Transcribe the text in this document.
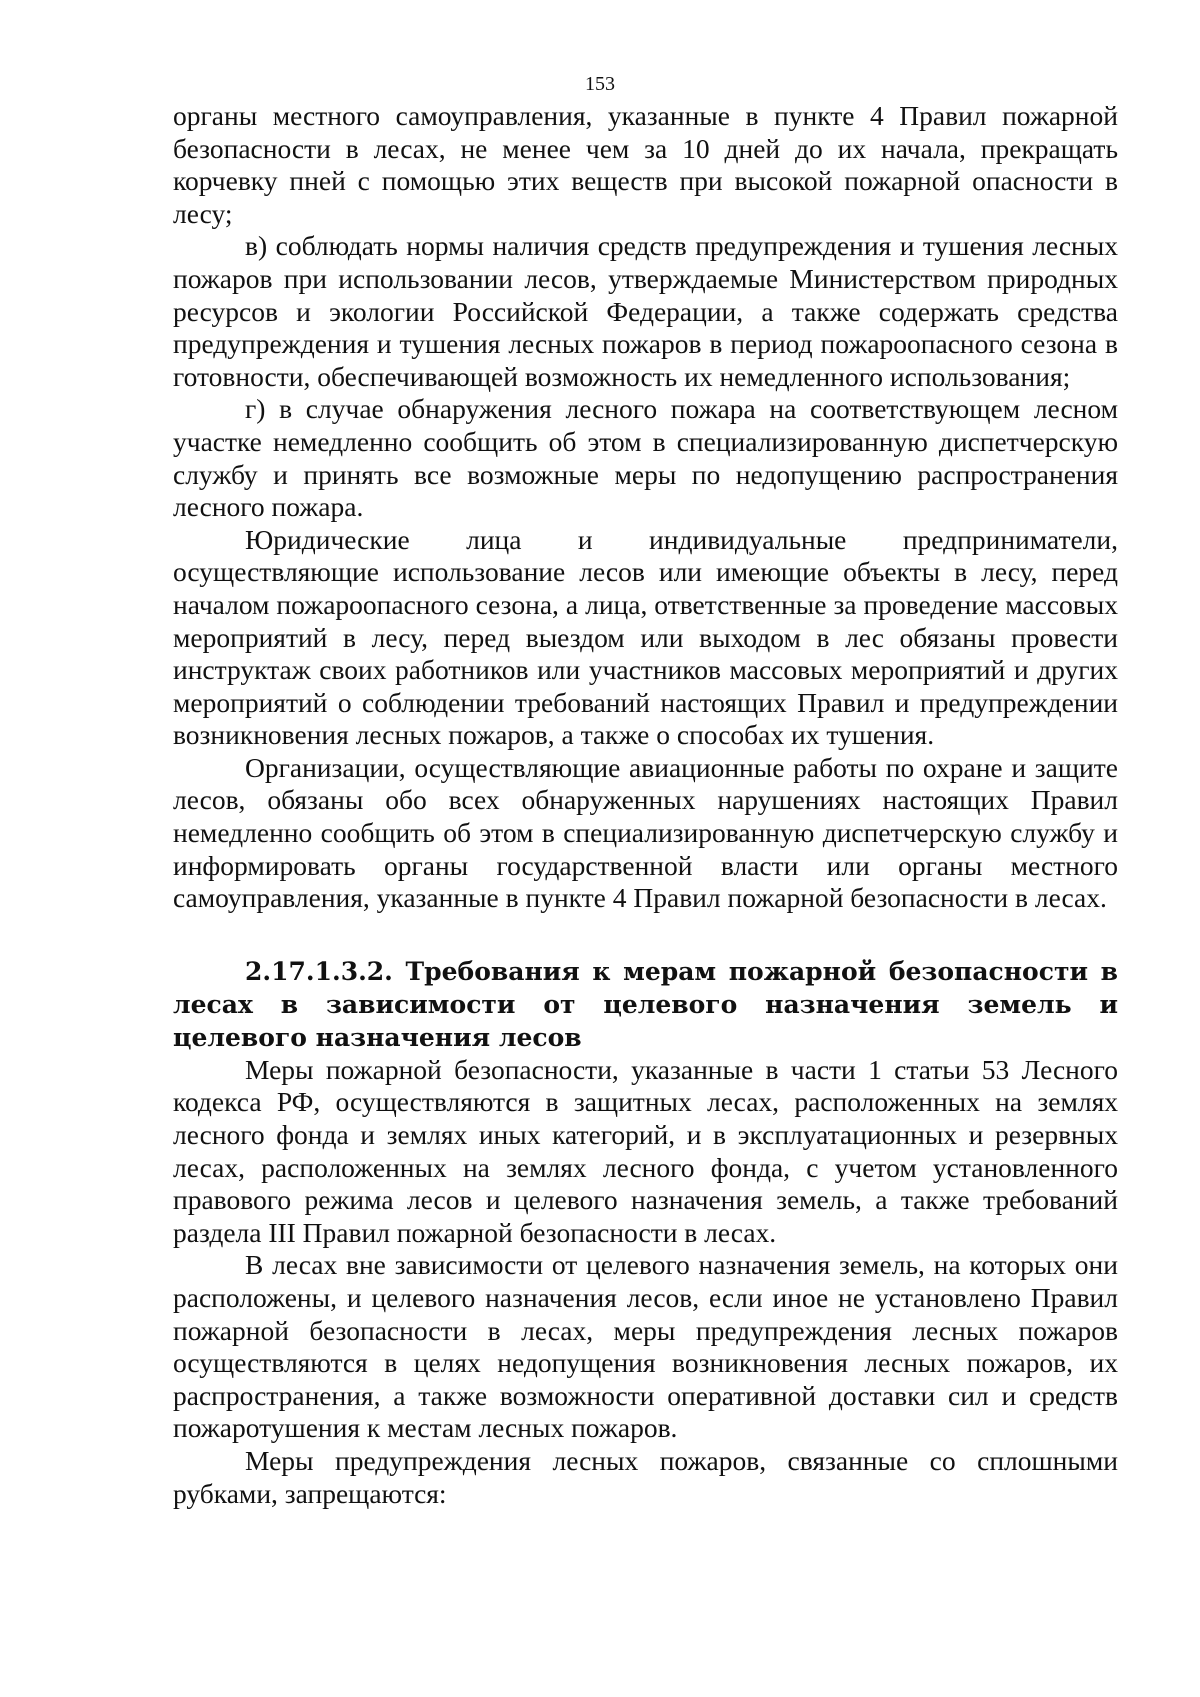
153

органы местного самоуправления, указанные в пункте 4 Правил пожарной безопасности в лесах, не менее чем за 10 дней до их начала, прекращать корчевку пней с помощью этих веществ при высокой пожарной опасности в лесу;

в) соблюдать нормы наличия средств предупреждения и тушения лесных пожаров при использовании лесов, утверждаемые Министерством природных ресурсов и экологии Российской Федерации, а также содержать средства предупреждения и тушения лесных пожаров в период пожароопасного сезона в готовности, обеспечивающей возможность их немедленного использования;

г) в случае обнаружения лесного пожара на соответствующем лесном участке немедленно сообщить об этом в специализированную диспетчерскую службу и принять все возможные меры по недопущению распространения лесного пожара.

Юридические лица и индивидуальные предприниматели, осуществляющие использование лесов или имеющие объекты в лесу, перед началом пожароопасного сезона, а лица, ответственные за проведение массовых мероприятий в лесу, перед выездом или выходом в лес обязаны провести инструктаж своих работников или участников массовых мероприятий и других мероприятий о соблюдении требований настоящих Правил и предупреждении возникновения лесных пожаров, а также о способах их тушения.

Организации, осуществляющие авиационные работы по охране и защите лесов, обязаны обо всех обнаруженных нарушениях настоящих Правил немедленно сообщить об этом в специализированную диспетчерскую службу и информировать органы государственной власти или органы местного самоуправления, указанные в пункте 4 Правил пожарной безопасности в лесах.

2.17.1.3.2. Требования к мерам пожарной безопасности в лесах в зависимости от целевого назначения земель и целевого назначения лесов

Меры пожарной безопасности, указанные в части 1 статьи 53 Лесного кодекса РФ, осуществляются в защитных лесах, расположенных на землях лесного фонда и землях иных категорий, и в эксплуатационных и резервных лесах, расположенных на землях лесного фонда, с учетом установленного правового режима лесов и целевого назначения земель, а также требований раздела III Правил пожарной безопасности в лесах.

В лесах вне зависимости от целевого назначения земель, на которых они расположены, и целевого назначения лесов, если иное не установлено Правил пожарной безопасности в лесах, меры предупреждения лесных пожаров осуществляются в целях недопущения возникновения лесных пожаров, их распространения, а также возможности оперативной доставки сил и средств пожаротушения к местам лесных пожаров.

Меры предупреждения лесных пожаров, связанные со сплошными рубками, запрещаются:
